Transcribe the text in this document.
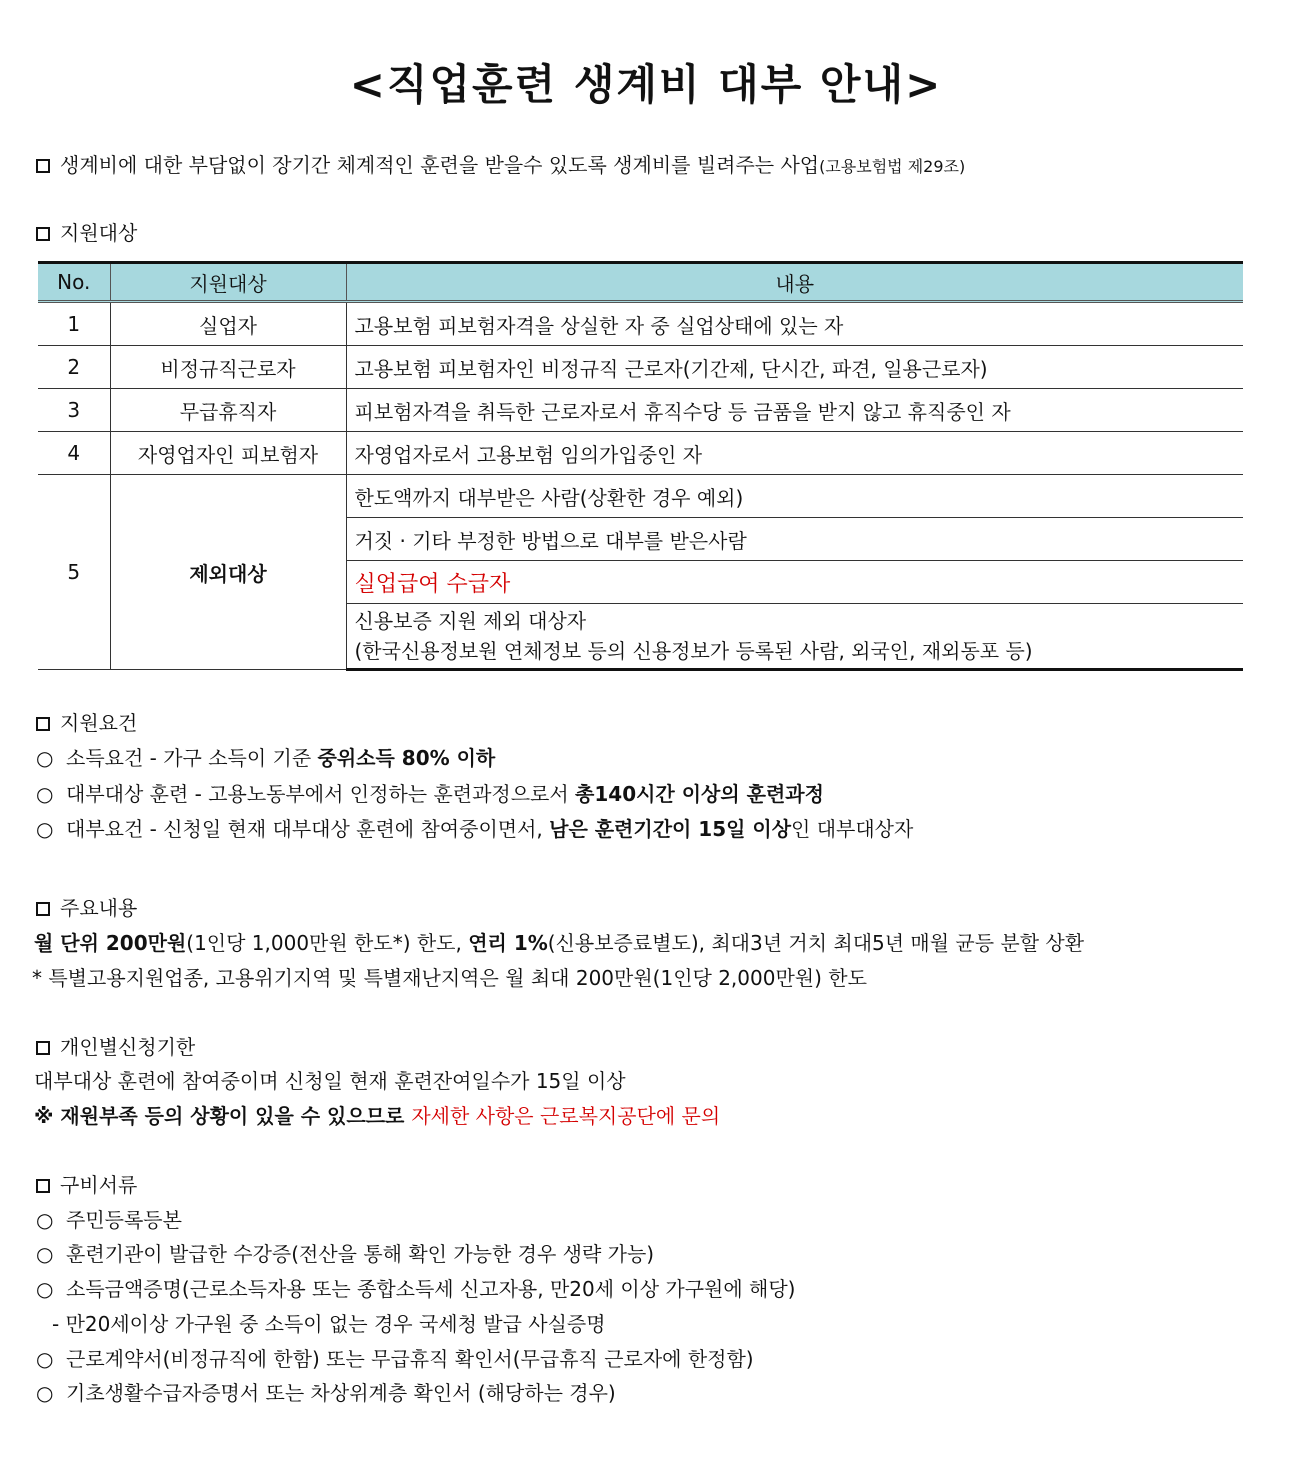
<직업훈련 생계비 대부 안내>
생계비에 대한 부담없이 장기간 체계적인 훈련을 받을수 있도록 생계비를 빌려주는 사업(고용보험법 제29조)
지원대상
No.	지원대상	내용
1	실업자	고용보험 피보험자격을 상실한 자 중 실업상태에 있는 자
2	비정규직근로자	고용보험 피보험자인 비정규직 근로자(기간제, 단시간, 파견, 일용근로자)
3	무급휴직자	피보험자격을 취득한 근로자로서 휴직수당 등 금품을 받지 않고 휴직중인 자
4	자영업자인 피보험자	자영업자로서 고용보험 임의가입중인 자
5	제외대상	한도액까지 대부받은 사람(상환한 경우 예외)
		거짓 · 기타 부정한 방법으로 대부를 받은사람
		실업급여 수급자

		신용보증 지원 제외 대상자
(한국신용정보원 연체정보 등의 신용정보가 등록된 사람, 외국인, 재외동포 등)
지원요건
○ 소득요건 - 가구 소득이 기준 중위소득 80% 이하
○ 대부대상 훈련 - 고용노동부에서 인정하는 훈련과정으로서 총140시간 이상의 훈련과정
○ 대부요건 - 신청일 현재 대부대상 훈련에 참여중이면서, 남은 훈련기간이 15일 이상인 대부대상자
주요내용
월 단위 200만원(1인당 1,000만원 한도*) 한도, 연리 1%(신용보증료별도), 최대3년 거치 최대5년 매월 균등 분할 상환
* 특별고용지원업종, 고용위기지역 및 특별재난지역은 월 최대 200만원(1인당 2,000만원) 한도
개인별신청기한
대부대상 훈련에 참여중이며 신청일 현재 훈련잔여일수가 15일 이상
※ 재원부족 등의 상황이 있을 수 있으므로 자세한 사항은 근로복지공단에 문의
구비서류
○ 주민등록등본
○ 훈련기관이 발급한 수강증(전산을 통해 확인 가능한 경우 생략 가능)
○ 소득금액증명(근로소득자용 또는 종합소득세 신고자용, 만20세 이상 가구원에 해당)
- 만20세이상 가구원 중 소득이 없는 경우 국세청 발급 사실증명
○ 근로계약서(비정규직에 한함) 또는 무급휴직 확인서(무급휴직 근로자에 한정함)
○ 기초생활수급자증명서 또는 차상위계층 확인서 (해당하는 경우)
